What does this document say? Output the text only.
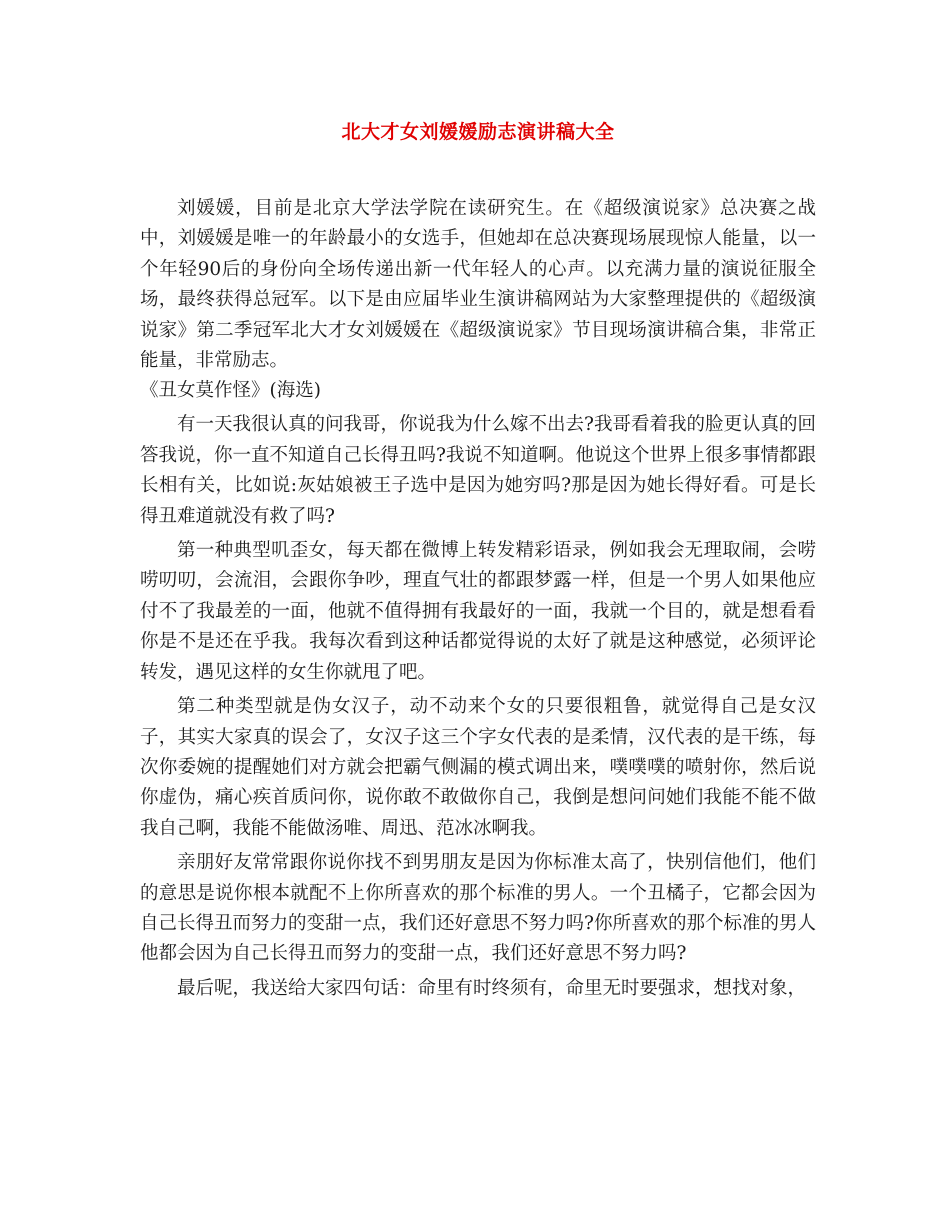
北大才女刘媛媛励志演讲稿大全

刘媛媛，目前是北京大学法学院在读研究生。在《超级演说家》总决赛之战中，刘媛媛是唯一的年龄最小的女选手，但她却在总决赛现场展现惊人能量，以一个年轻90后的身份向全场传递出新一代年轻人的心声。以充满力量的演说征服全场，最终获得总冠军。以下是由应届毕业生演讲稿网站为大家整理提供的《超级演说家》第二季冠军北大才女刘媛媛在《超级演说家》节目现场演讲稿合集，非常正能量，非常励志。

《丑女莫作怪》(海选)

有一天我很认真的问我哥，你说我为什么嫁不出去?我哥看着我的脸更认真的回答我说，你一直不知道自己长得丑吗?我说不知道啊。他说这个世界上很多事情都跟长相有关，比如说:灰姑娘被王子选中是因为她穷吗?那是因为她长得好看。可是长得丑难道就没有救了吗?

第一种典型叽歪女，每天都在微博上转发精彩语录，例如我会无理取闹，会唠唠叨叨，会流泪，会跟你争吵，理直气壮的都跟梦露一样，但是一个男人如果他应付不了我最差的一面，他就不值得拥有我最好的一面，我就一个目的，就是想看看你是不是还在乎我。我每次看到这种话都觉得说的太好了就是这种感觉，必须评论转发，遇见这样的女生你就甩了吧。

第二种类型就是伪女汉子，动不动来个女的只要很粗鲁，就觉得自己是女汉子，其实大家真的误会了，女汉子这三个字女代表的是柔情，汉代表的是干练，每次你委婉的提醒她们对方就会把霸气侧漏的模式调出来，噗噗噗的喷射你，然后说你虚伪，痛心疾首质问你，说你敢不敢做你自己，我倒是想问问她们我能不能不做我自己啊，我能不能做汤唯、周迅、范冰冰啊我。

亲朋好友常常跟你说你找不到男朋友是因为你标准太高了，快别信他们，他们的意思是说你根本就配不上你所喜欢的那个标准的男人。一个丑橘子，它都会因为自己长得丑而努力的变甜一点，我们还好意思不努力吗?你所喜欢的那个标准的男人他都会因为自己长得丑而努力的变甜一点，我们还好意思不努力吗?

最后呢，我送给大家四句话：命里有时终须有，命里无时要强求，想找对象，
